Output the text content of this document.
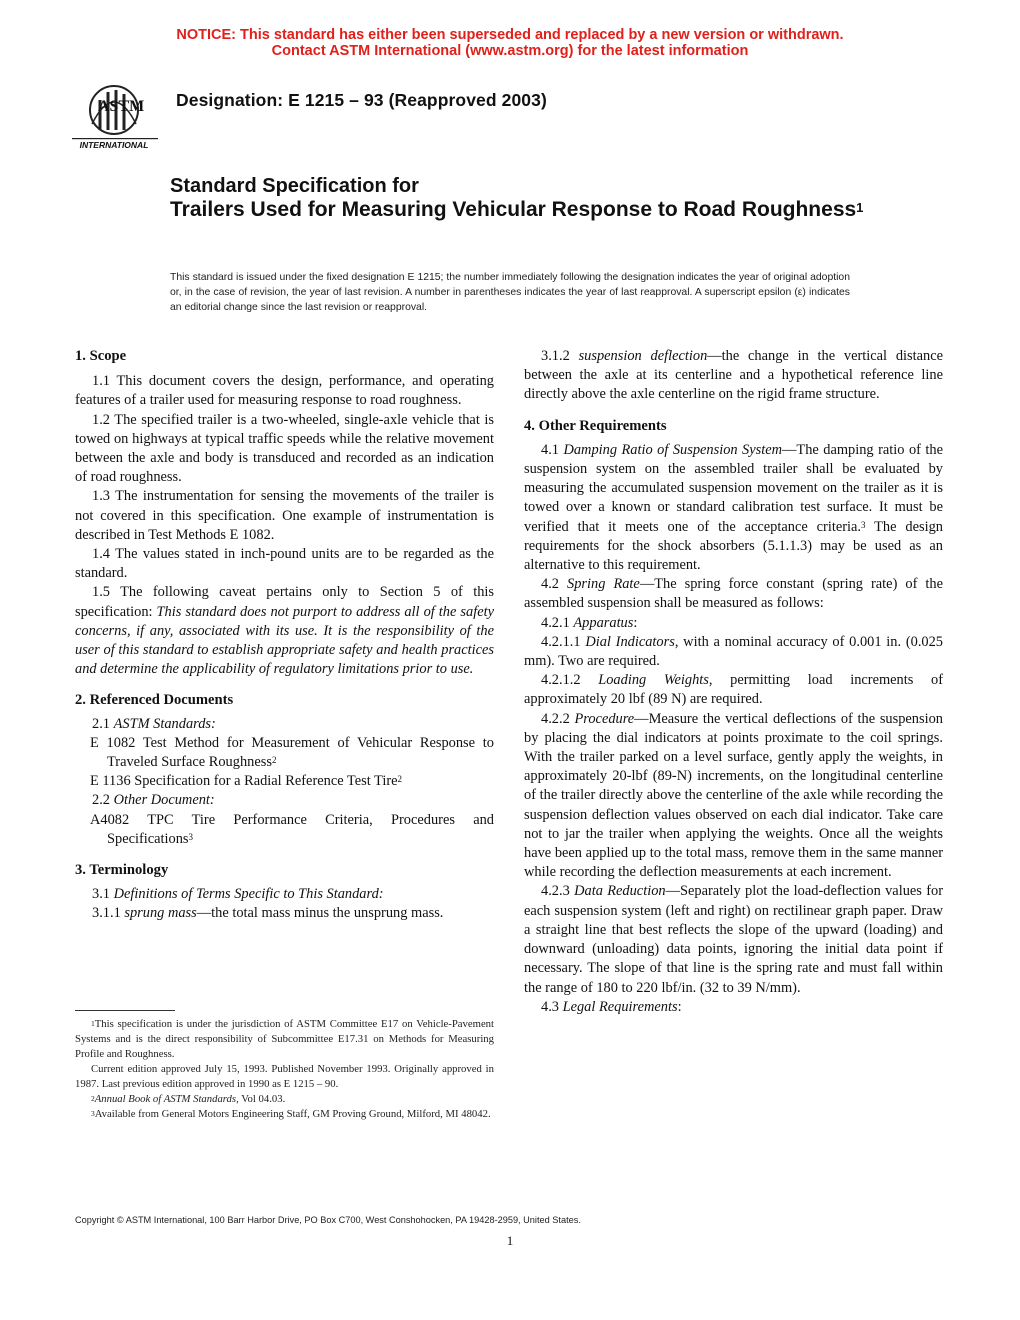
NOTICE: This standard has either been superseded and replaced by a new version or withdrawn.
Contact ASTM International (www.astm.org) for the latest information
ASTM
INTERNATIONAL
Designation: E 1215 – 93 (Reapproved 2003)
Standard Specification for
Trailers Used for Measuring Vehicular Response to Road Roughness$^1$
This standard is issued under the fixed designation E 1215; the number immediately following the designation indicates the year of original adoption or, in the case of revision, the year of last revision. A number in parentheses indicates the year of last reapproval. A superscript epsilon (ε) indicates an editorial change since the last revision or reapproval.
1. Scope

1.1 This document covers the design, performance, and operating features of a trailer used for measuring response to road roughness.

1.2 The specified trailer is a two-wheeled, single-axle vehicle that is towed on highways at typical traffic speeds while the relative movement between the axle and body is transduced and recorded as an indication of road roughness.

1.3 The instrumentation for sensing the movements of the trailer is not covered in this specification. One example of instrumentation is described in Test Methods E 1082.

1.4 The values stated in inch-pound units are to be regarded as the standard.

1.5 The following caveat pertains only to Section 5 of this specification: This standard does not purport to address all of the safety concerns, if any, associated with its use. It is the responsibility of the user of this standard to establish appropriate safety and health practices and determine the applicability of regulatory limitations prior to use.

2. Referenced Documents

2.1 ASTM Standards:

E 1082 Test Method for Measurement of Vehicular Response to Traveled Surface Roughness$^2$

E 1136 Specification for a Radial Reference Test Tire$^2$

2.2 Other Document:

A4082 TPC Tire Performance Criteria, Procedures and Specifications$^3$

3. Terminology

3.1 Definitions of Terms Specific to This Standard:

3.1.1 sprung mass—the total mass minus the unsprung mass.

$^1$This specification is under the jurisdiction of ASTM Committee E17 on Vehicle-Pavement Systems and is the direct responsibility of Subcommittee E17.31 on Methods for Measuring Profile and Roughness.

Current edition approved July 15, 1993. Published November 1993. Originally approved in 1987. Last previous edition approved in 1990 as E 1215 – 90.

$^2$Annual Book of ASTM Standards, Vol 04.03.

$^3$Available from General Motors Engineering Staff, GM Proving Ground, Milford, MI 48042.

3.1.2 suspension deflection—the change in the vertical distance between the axle at its centerline and a hypothetical reference line directly above the axle centerline on the rigid frame structure.

4. Other Requirements

4.1 Damping Ratio of Suspension System—The damping ratio of the suspension system on the assembled trailer shall be evaluated by measuring the accumulated suspension movement on the trailer as it is towed over a known or standard calibration test surface. It must be verified that it meets one of the acceptance criteria.$^3$ The design requirements for the shock absorbers (5.1.1.3) may be used as an alternative to this requirement.

4.2 Spring Rate—The spring force constant (spring rate) of the assembled suspension shall be measured as follows:

4.2.1 Apparatus:

4.2.1.1 Dial Indicators, with a nominal accuracy of 0.001 in. (0.025 mm). Two are required.

4.2.1.2 Loading Weights, permitting load increments of approximately 20 lbf (89 N) are required.

4.2.2 Procedure—Measure the vertical deflections of the suspension by placing the dial indicators at points proximate to the coil springs. With the trailer parked on a level surface, gently apply the weights, in approximately 20-lbf (89-N) increments, on the longitudinal centerline of the trailer directly above the centerline of the axle while recording the suspension deflection values observed on each dial indicator. Take care not to jar the trailer when applying the weights. Once all the weights have been applied up to the total mass, remove them in the same manner while recording the deflection measurements at each increment.

4.2.3 Data Reduction—Separately plot the load-deflection values for each suspension system (left and right) on rectilinear graph paper. Draw a straight line that best reflects the slope of the upward (loading) and downward (unloading) data points, ignoring the initial data point if necessary. The slope of that line is the spring rate and must fall within the range of 180 to 220 lbf/in. (32 to 39 N/mm).

4.3 Legal Requirements:

Copyright © ASTM International, 100 Barr Harbor Drive, PO Box C700, West Conshohocken, PA 19428-2959, United States.
1
